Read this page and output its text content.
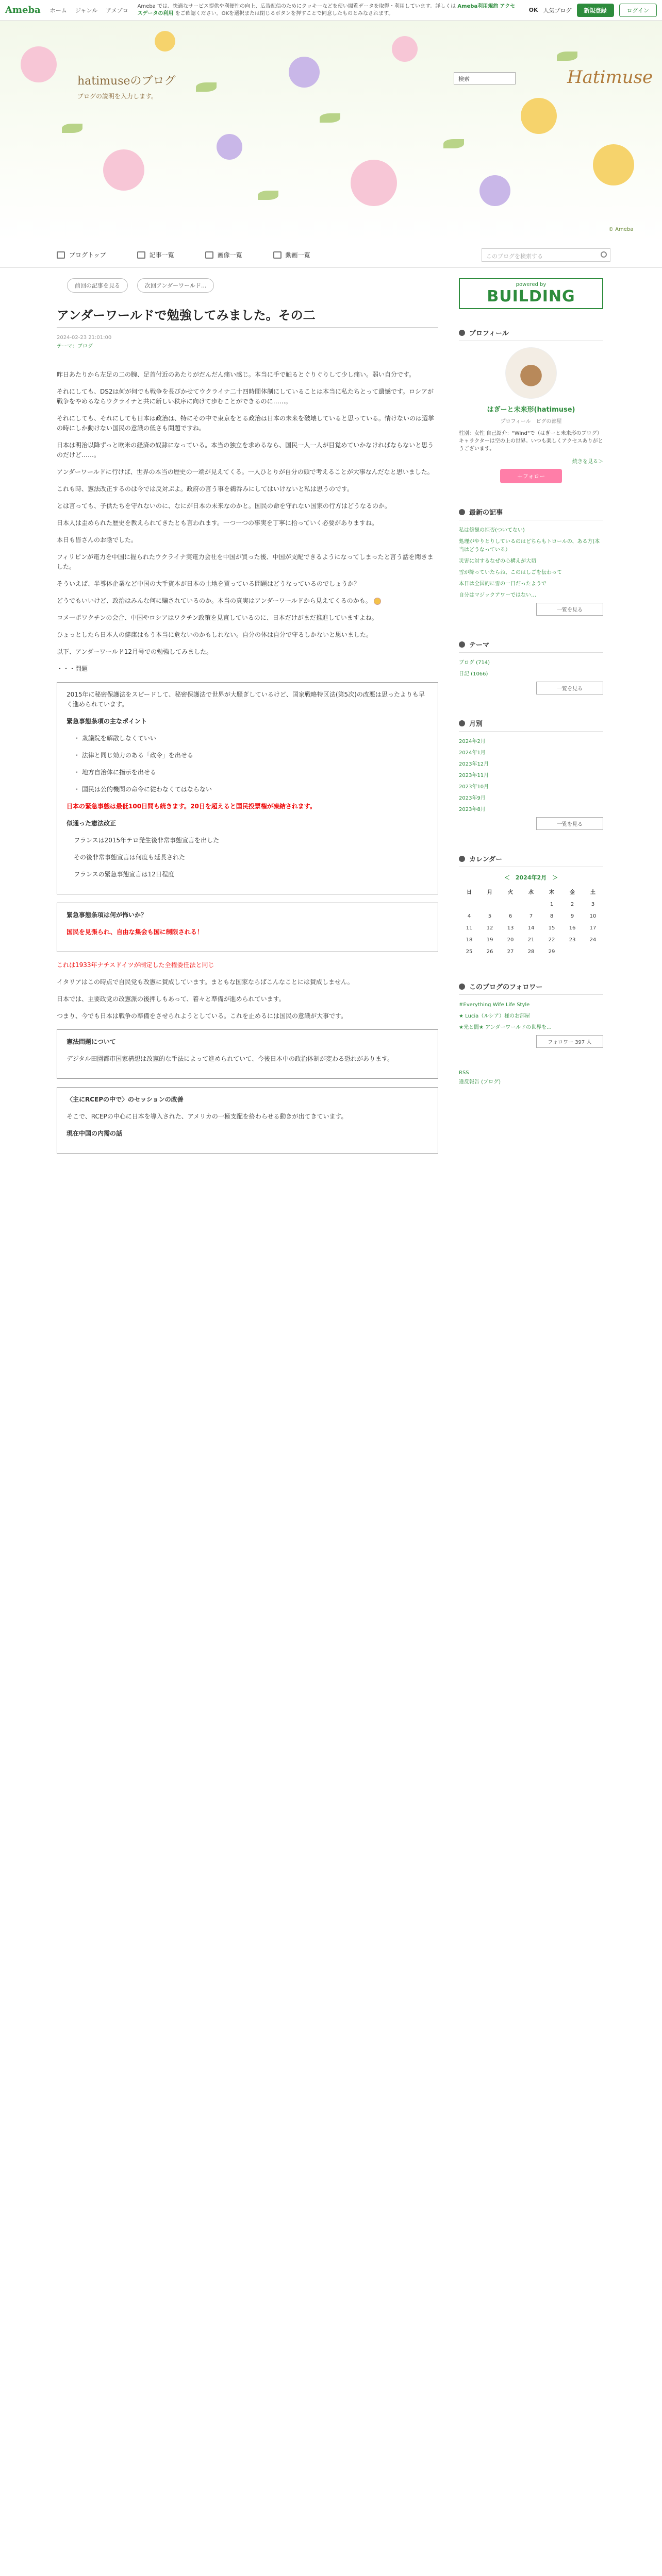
Ameba ホーム ジャンル アメブロ
Ameba では、快適なサービス提供や利便性の向上、広告配信のためにクッキーなどを使い閲覧データを取得・利用しています。詳しくは Ameba利用規約 アクセスデータの利用 をご確認ください。OKを選択または閉じるボタンを押すことで同意したものとみなされます。	OK 人気ブログ	新規登録	ログイン
hatimuseのブログ
ブログの説明を入力します。
検索	Hatimuse
© Ameba
ブログトップ	記事一覧	画像一覧	動画一覧	このブログを検索する
前回の記事を見る	次回アンダーワールド...
アンダーワールドで勉強してみました。その二
2024-02-23 21:01:00
テーマ：ブログ

昨日あたりから左足の二の腕、足首付近のあたりがだんだん痛い感じ。本当に手で触るとぐりぐりして少し痛い。弱い自分です。

それにしても、DS2は何が何でも戦争を長びかせてウクライナ二十四時間体制にしていることは本当に私たちとって遺憾です。ロシアが戦争をやめるならウクライナと共に新しい秩序に向けて歩むことができるのに……。

それにしても、それにしても日本は政治は、特にその中で東京をとる政治は日本の未来を破壊していると思っている。情けないのは選挙の時にしか動けない国民の意識の低さも問題ですね。

日本は明治以降ずっと欧米の経済の奴隷になっている。本当の独立を求めるなら、国民一人一人が目覚めていかなければならないと思うのだけど……。

アンダーワールドに行けば、世界の本当の歴史の一端が見えてくる。一人ひとりが自分の頭で考えることが大事なんだなと思いました。

これも時、憲法改正するのは今では反対ぷよ。政府の言う事を鵜呑みにしてはいけないと私は思うのです。

とは言っても、子供たちを守れないのに、なにが日本の未来なのかと。国民の命を守れない国家の行方はどうなるのか。

日本人は歪められた歴史を教えられてきたとも言われます。一つ一つの事実を丁寧に拾っていく必要がありますね。

本日も皆さんのお陰でした。

フィリピンが電力を中国に握られたウクライナ実電力会社を中国が買った後、中国が支配できるようになってしまったと言う話を聞きました。

そういえば、半導体企業など中国の大手資本が日本の土地を買っている問題はどうなっているのでしょうか？

どうでもいいけど、政治はみんな何に騙されているのか。本当の真実はアンダーワールドから見えてくるのかも。

コメ一ポワクチンの会合、中国やロシアはワクチン政策を見直しているのに、日本だけがまだ推進していますよね。

ひょっとしたら日本人の健康はもう本当に危ないのかもしれない。自分の体は自分で守るしかないと思いました。

以下、アンダーワールド12月号での勉強してみました。

・・・問題

2015年に秘密保護法をスピードして、秘密保護法で世界が大騒ぎしているけど、国家戦略特区法(第5次)の改悪は思ったよりも早く進められています。

緊急事態条項の主なポイント

・ 衆議院を解散しなくていい

・ 法律と同じ効力のある「政令」を出せる

・ 地方自治体に指示を出せる

・ 国民は公的機関の命令に従わなくてはならない

日本の緊急事態は最低100日間も続きます。20日を超えると国民投票権が凍結されます。

似通った憲法改正

フランスは2015年テロ発生後非常事態宣言を出した

その後非常事態宣言は何度も延長された

フランスの緊急事態宣言は12日程度

緊急事態条項は何が怖いか？

国民を見張られ、自由な集会も国に制限される！

これは1933年ナチスドイツが制定した全権委任法と同じ

イタリアはこの時点で自民党も改憲に賛成しています。まともな国家ならばこんなことには賛成しません。

日本では、主要政党の改憲派の後押しもあって、着々と準備が進められています。

つまり、今でも日本は戦争の準備をさせられようとしている。これを止めるには国民の意識が大事です。

憲法問題について

デジタル田園都市国家構想は改憲的な手法によって進められていて、今後日本中の政治体制が変わる恐れがあります。

〈主にRCEPの中で〉のセッションの改善

そこで、RCEPの中心に日本を導入された、アメリカの一極支配を終わらせる動きが出てきています。

現在中国の内需の話

powered by
BUILDING
プロフィール
はぎーと未来形(hatimuse)
プロフィール　ピグの部屋
性別：女性 自己紹介："Wind"で（はぎーと未来形のブログ）キャラクターは空の上の世界。いつも楽しくアクセスありがとうございます。
続きを見る＞
＋フォロー
最新の記事
私は傍観の拒否(ついてない)
処理がやりとりしているのはどちらもトロールの、ある方(本当はどうなっている）
災害に対するなぜの心構えが大切
雪が降っていたらね、このはしごを伝わって
本日は全国的に雪の一日だったようで
自分はマジックアワーではない…
一覧を見る
テーマ
ブログ (714)
日記 (1066)
一覧を見る
月別
2024年2月
2024年1月
2023年12月
2023年11月
2023年10月
2023年9月
2023年8月
一覧を見る
カレンダー
＜　2024年2月　＞
日	月	火	水	木	金	土
				1	2	3
4	5	6	7	8	9	10
11	12	13	14	15	16	17
18	19	20	21	22	23	24
25	26	27	28	29		
このブログのフォロワー
#Everything Wife Life Style
★ Lucia（ルシア）様のお部屋
★光と闇★ アンダーワールドの世界を...
フォロワー 397 人
RSS
違反報告 (ブログ)
